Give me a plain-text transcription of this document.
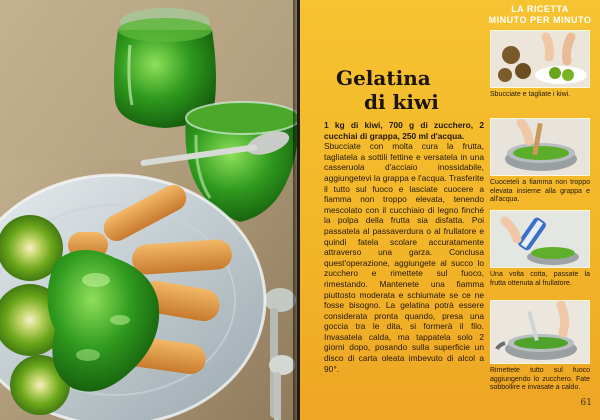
Gelatina
di kiwi

1 kg di kiwi, 700 g di zucchero, 2 cucchiai di grappa, 250 ml d'acqua.
Sbucciate con molta cura la frutta, tagliatela a sottili fettine e versatela in una casseruola d'acciaio inossidabile, aggiungetevi la grappa e l'acqua. Trasferite il tutto sul fuoco e lasciate cuocere a fiamma non troppo elevata, tenendo mescolato con il cucchiaio di legno finché la polpa della frutta sia disfatta. Poi passatela al passaverdura o al frullatore e quindi fatela scolare accuratamente attraverso una garza. Conclusa quest'operazione, aggiungete al succo lo zucchero e rimettete sul fuoco, rimestando. Mantenete una fiamma piuttosto moderata e schiumate se ce ne fosse bisogno. La gelatina potrà essere considerata pronta quando, presa una goccia tra le dita, si formerà il filo. Invasatela calda, ma tappatela solo 2 giorni dopo, posando sulla superficie un disco di carta oleata imbevuto di alcol a 90°.

LA RICETTA
MINUTO PER MINUTO
Sbucciate e tagliate i kiwi.
Cuoceteli a fiamma non troppo elevata insieme alla grappa e all'acqua.
Una volta cotta, passate la frutta ottenuta al frullatore.
Rimettete tutto sul fuoco aggiungendo lo zucchero. Fate sobbollire e invasate a caldo.
61
